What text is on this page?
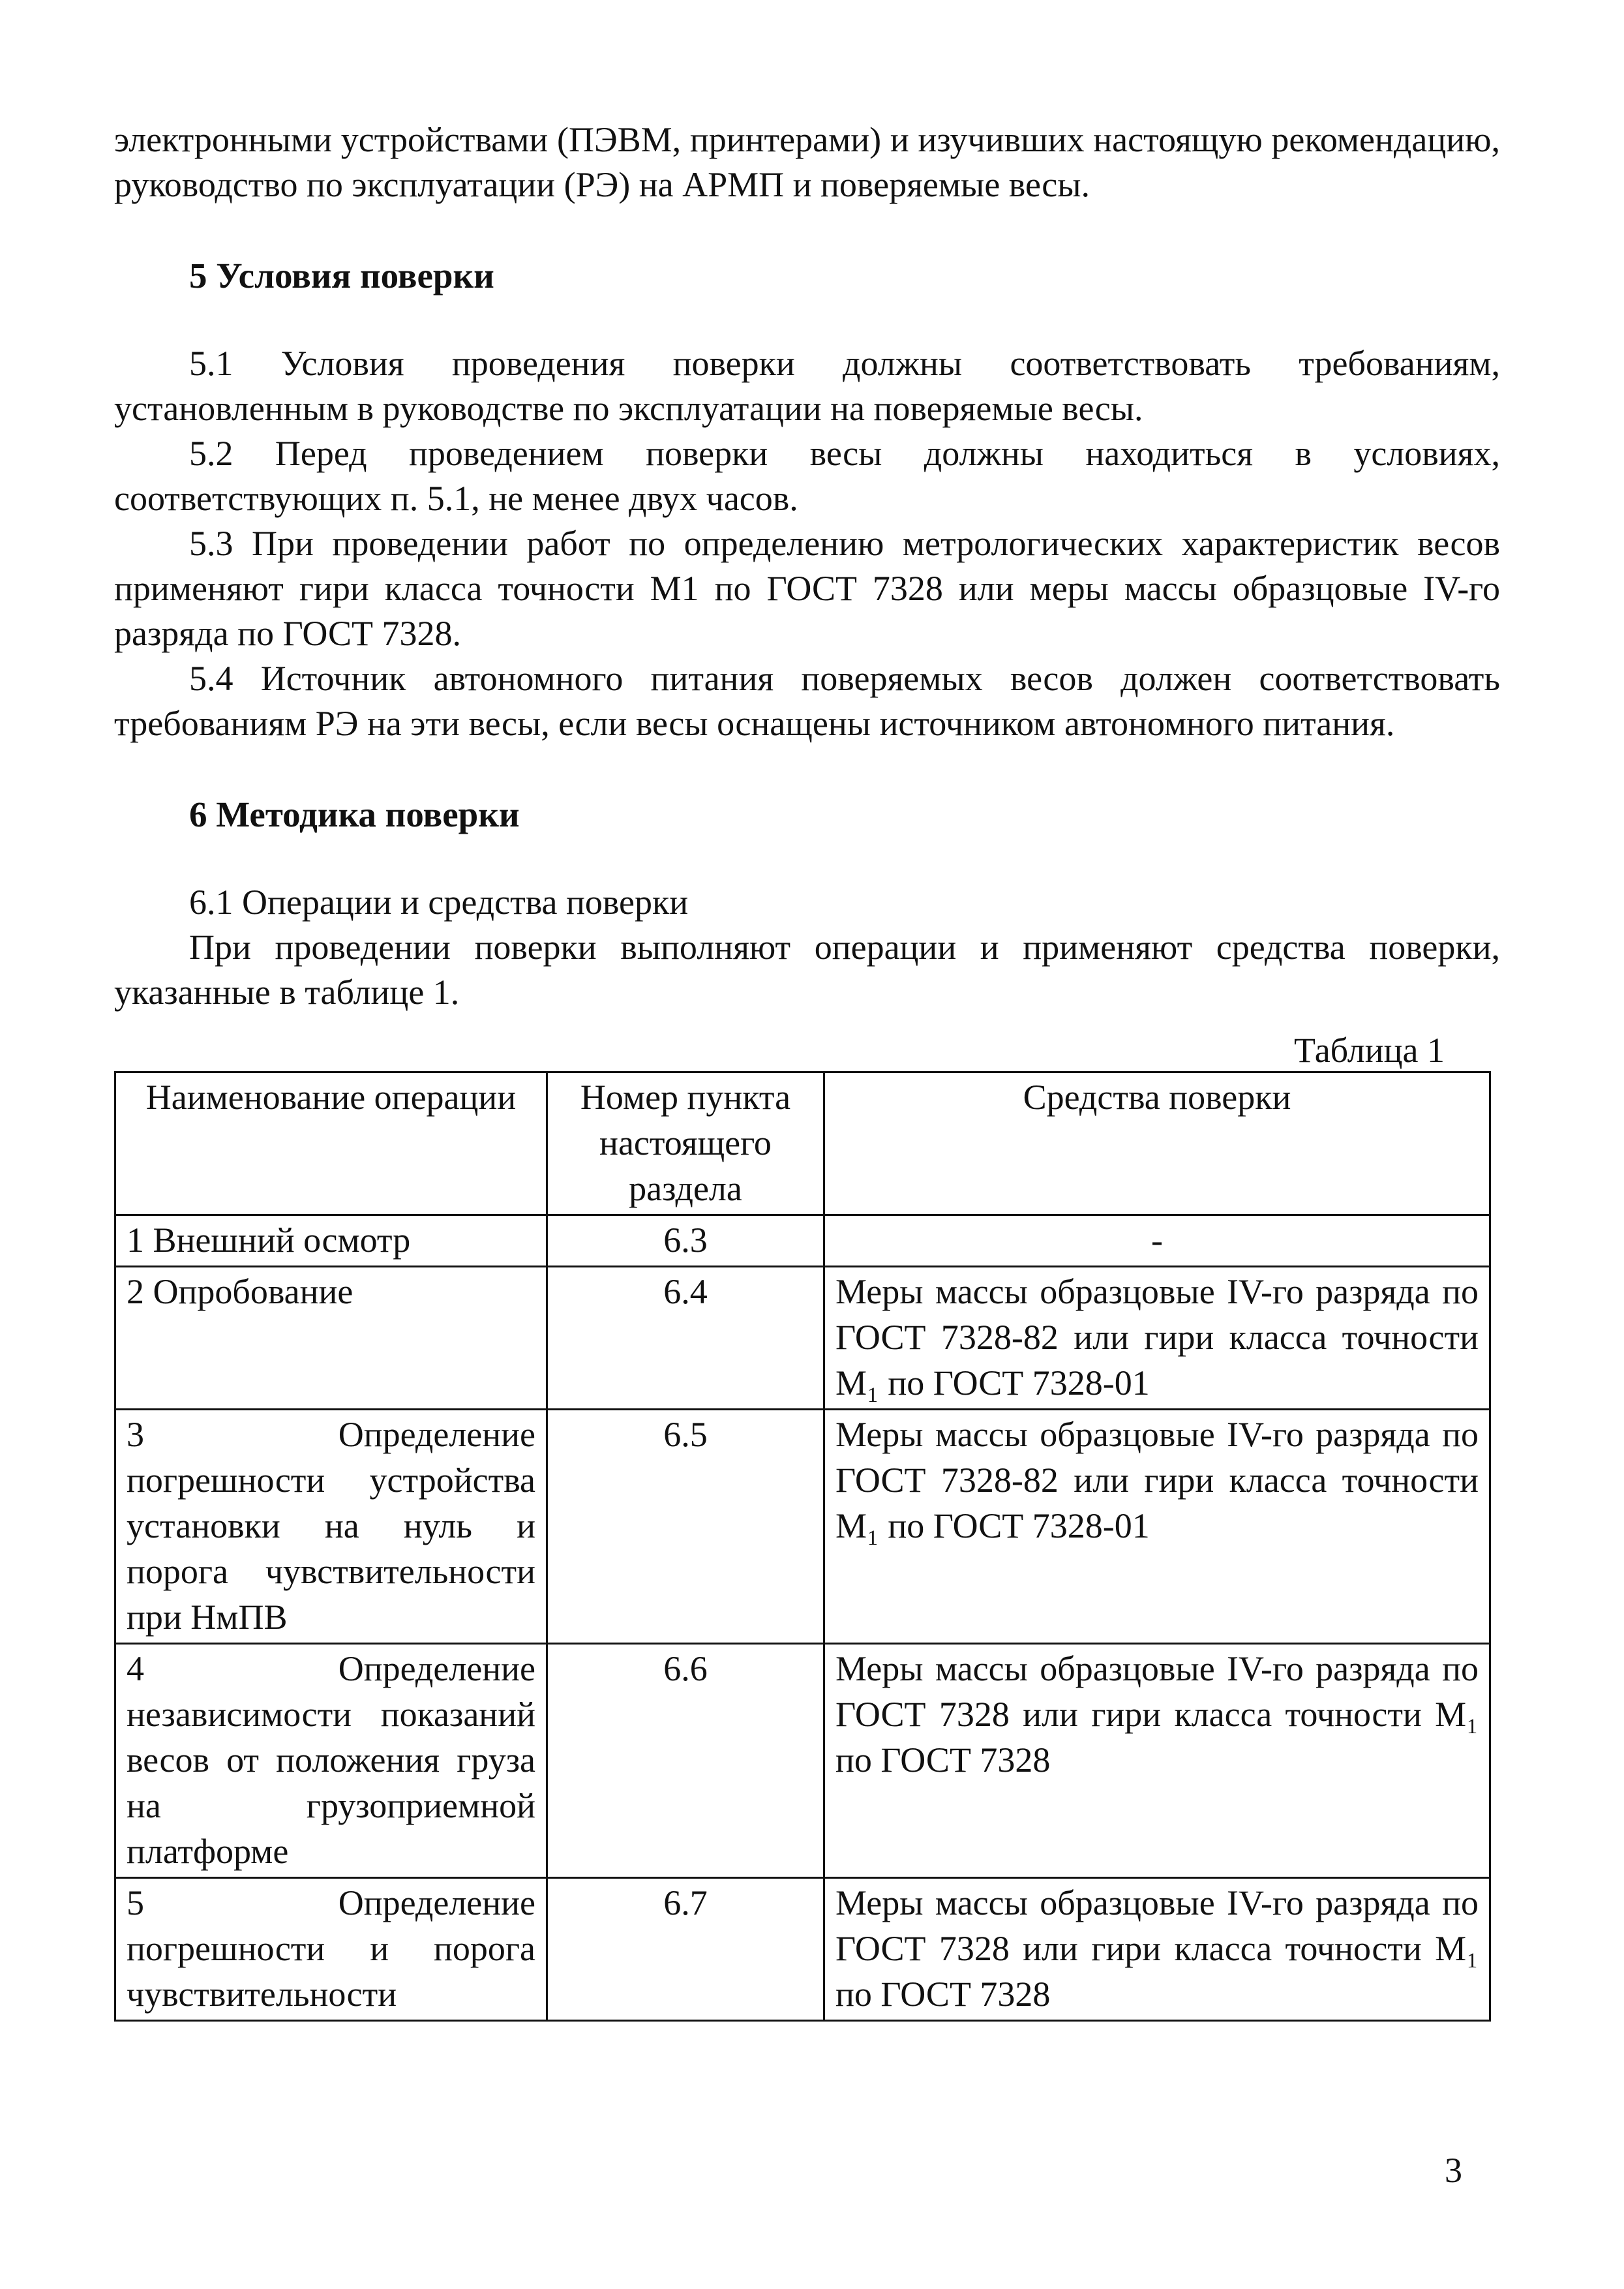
электронными устройствами (ПЭВМ, принтерами) и изучивших настоящую рекомендацию, руководство по эксплуатации (РЭ) на АРМП и поверяемые весы.

5 Условия поверки

5.1 Условия проведения поверки должны соответствовать требованиям, установленным в руководстве по эксплуатации на поверяемые весы.

5.2 Перед проведением поверки весы должны находиться в условиях, соответствующих п. 5.1, не менее двух часов.

5.3 При проведении работ по определению метрологических характеристик весов применяют гири класса точности М1 по ГОСТ 7328 или меры массы образцовые IV-го разряда по ГОСТ 7328.

5.4 Источник автономного питания поверяемых весов должен соответствовать требованиям РЭ на эти весы, если весы оснащены источником автономного питания.

6 Методика поверки

6.1 Операции и средства поверки

При проведении поверки выполняют операции и применяют средства поверки, указанные в таблице 1.

Таблица 1

Наименование операции	Номер пункта настоящего раздела	Средства поверки
1 Внешний осмотр	6.3	-
2 Опробование	6.4	Меры массы образцовые IV-го разряда по ГОСТ 7328-82 или гири класса точности М₁ по ГОСТ 7328-01
3 Определение погрешности устройства установки на нуль и порога чувствительности при НмПВ	6.5	Меры массы образцовые IV-го разряда по ГОСТ 7328-82 или гири класса точности М₁ по ГОСТ 7328-01
4 Определение независимости показаний весов от положения груза на грузоприемной платформе	6.6	Меры массы образцовые IV-го разряда по ГОСТ 7328 или гири класса точности М₁ по ГОСТ 7328
5 Определение погрешности и порога чувствительности	6.7	Меры массы образцовые IV-го разряда по ГОСТ 7328 или гири класса точности М₁ по ГОСТ 7328
3
